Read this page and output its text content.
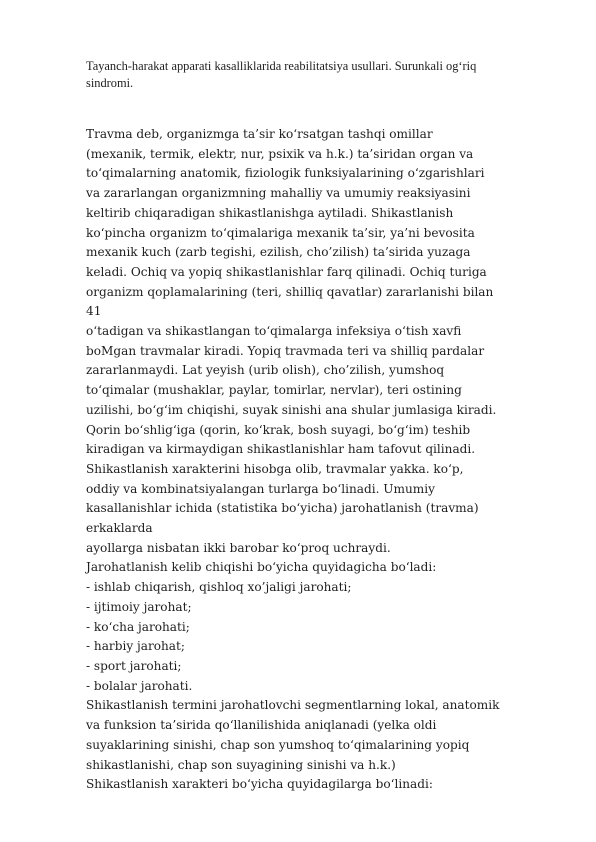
Tayanch-harakat apparati kasalliklarida reabilitatsiya usullari. Surunkali og‘riq
sindromi.
Travma deb, organizmga ta’sir ko‘rsatgan tashqi omillar
(mexanik, termik, elektr, nur, psixik va h.k.) ta’siridan organ va
to‘qimalarning anatomik, fiziologik funksiyalarining o‘zgarishlari
va zararlangan organizmning mahalliy va umumiy reaksiyasini
keltirib chiqaradigan shikastlanishga aytiladi. Shikastlanish
ko‘pincha organizm to‘qimalariga mexanik ta’sir, ya’ni bevosita
mexanik kuch (zarb tegishi, ezilish, cho’zilish) ta’sirida yuzaga
keladi. Ochiq va yopiq shikastlanishlar farq qilinadi. Ochiq turiga
organizm qoplamalarining (teri, shilliq qavatlar) zararlanishi bilan
41
o‘tadigan va shikastlangan to‘qimalarga infeksiya o‘tish xavfi
boMgan travmalar kiradi. Yopiq travmada teri va shilliq pardalar
zararlanmaydi. Lat yeyish (urib olish), cho’zilish, yumshoq
to‘qimalar (mushaklar, paylar, tomirlar, nervlar), teri ostining
uzilishi, bo‘g‘im chiqishi, suyak sinishi ana shular jumlasiga kiradi.
Qorin bo‘shlig‘iga (qorin, ko‘krak, bosh suyagi, bo‘g‘im) teshib
kiradigan va kirmaydigan shikastlanishlar ham tafovut qilinadi.
Shikastlanish xarakterini hisobga olib, travmalar yakka. ko‘p,
oddiy va kombinatsiyalangan turlarga bo‘linadi. Umumiy
kasallanishlar ichida (statistika bo‘yicha) jarohatlanish (travma)
erkaklarda
ayollarga nisbatan ikki barobar ko‘proq uchraydi.
Jarohatlanish kelib chiqishi bo‘yicha quyidagicha bo‘ladi:
- ishlab chiqarish, qishloq xo’jaligi jarohati;
- ijtimoiy jarohat;
- ko‘cha jarohati;
- harbiy jarohat;
- sport jarohati;
- bolalar jarohati.
Shikastlanish termini jarohatlovchi segmentlarning lokal, anatomik
va funksion ta’sirida qo‘llanilishida aniqlanadi (yelka oldi
suyaklarining sinishi, chap son yumshoq to‘qimalarining yopiq
shikastlanishi, chap son suyagining sinishi va h.k.)
Shikastlanish xarakteri bo‘yicha quyidagilarga bo‘linadi:
